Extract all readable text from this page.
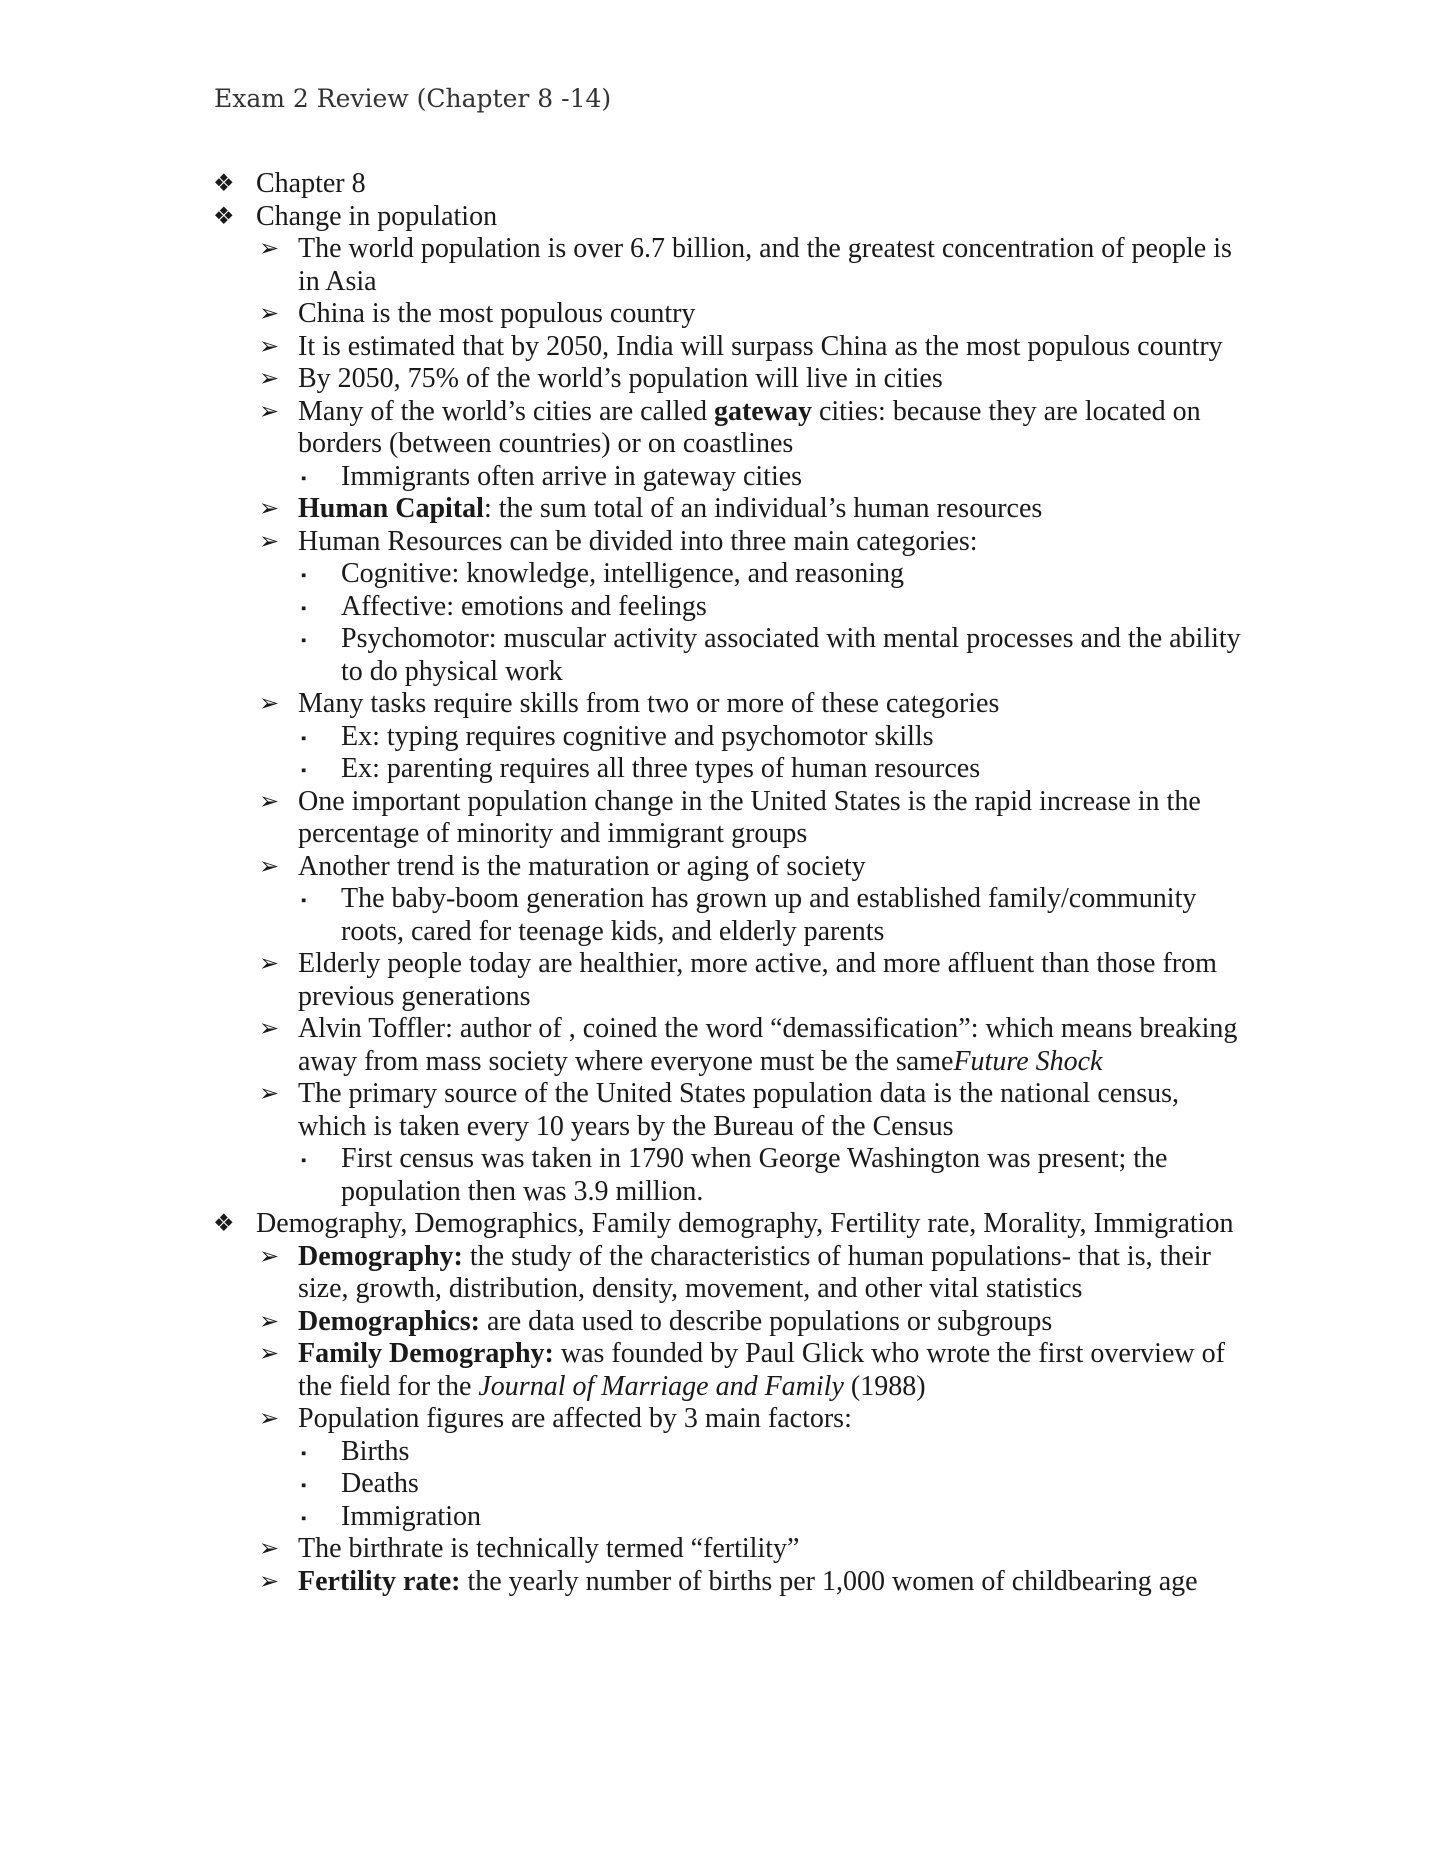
Exam 2 Review (Chapter 8 -14)

❖ Chapter 8

❖ Change in population

➢ The world population is over 6.7 billion, and the greatest concentration of people is in Asia

➢ China is the most populous country

➢ It is estimated that by 2050, India will surpass China as the most populous country

➢ By 2050, 75% of the world’s population will live in cities

➢ Many of the world’s cities are called gateway cities: because they are located on borders (between countries) or on coastlines

▪ Immigrants often arrive in gateway cities

➢ Human Capital: the sum total of an individual’s human resources

➢ Human Resources can be divided into three main categories:

▪ Cognitive: knowledge, intelligence, and reasoning

▪ Affective: emotions and feelings

▪ Psychomotor: muscular activity associated with mental processes and the ability to do physical work

➢ Many tasks require skills from two or more of these categories

▪ Ex: typing requires cognitive and psychomotor skills

▪ Ex: parenting requires all three types of human resources

➢ One important population change in the United States is the rapid increase in the percentage of minority and immigrant groups

➢ Another trend is the maturation or aging of society

▪ The baby-boom generation has grown up and established family/community roots, cared for teenage kids, and elderly parents

➢ Elderly people today are healthier, more active, and more affluent than those from previous generations

➢ Alvin Toffler: author of , coined the word “demassification”: which means breaking away from mass society where everyone must be the sameFuture Shock

➢ The primary source of the United States population data is the national census, which is taken every 10 years by the Bureau of the Census

▪ First census was taken in 1790 when George Washington was present; the population then was 3.9 million.

❖ Demography, Demographics, Family demography, Fertility rate, Morality, Immigration

➢ Demography: the study of the characteristics of human populations- that is, their size, growth, distribution, density, movement, and other vital statistics

➢ Demographics: are data used to describe populations or subgroups

➢ Family Demography: was founded by Paul Glick who wrote the first overview of the field for the Journal of Marriage and Family (1988)

➢ Population figures are affected by 3 main factors:

▪ Births

▪ Deaths

▪ Immigration

➢ The birthrate is technically termed “fertility”

➢ Fertility rate: the yearly number of births per 1,000 women of childbearing age
